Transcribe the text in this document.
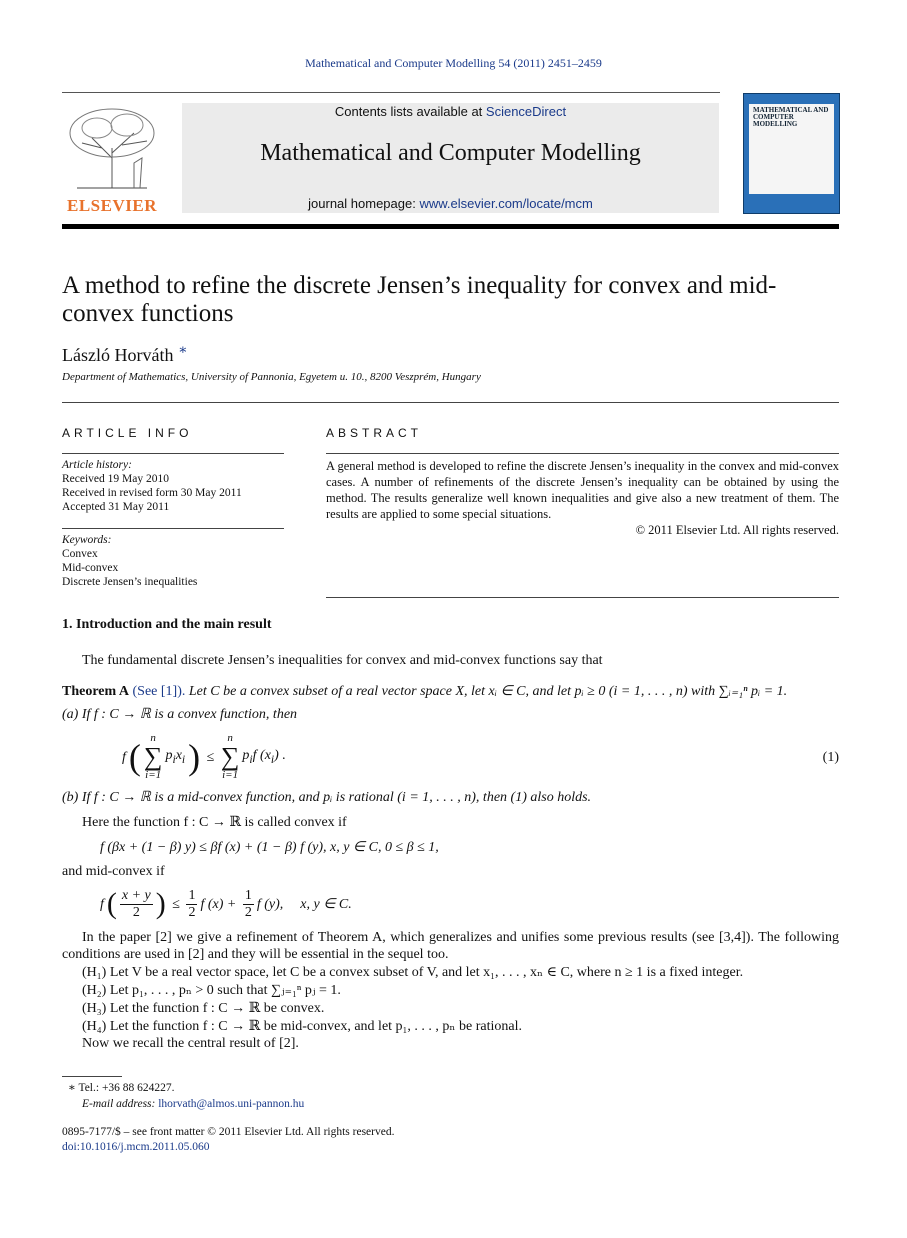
Mathematical and Computer Modelling 54 (2011) 2451–2459
ELSEVIER
Contents lists available at ScienceDirect
Mathematical and Computer Modelling
journal homepage: www.elsevier.com/locate/mcm
MATHEMATICAL AND COMPUTER MODELLING
A method to refine the discrete Jensen’s inequality for convex and mid-convex functions
László Horváth ∗
Department of Mathematics, University of Pannonia, Egyetem u. 10., 8200 Veszprém, Hungary
ARTICLE INFO
Article history:
Received 19 May 2010
Received in revised form 30 May 2011
Accepted 31 May 2011
Keywords:
Convex
Mid-convex
Discrete Jensen’s inequalities
ABSTRACT
A general method is developed to refine the discrete Jensen’s inequality in the convex and mid-convex cases. A number of refinements of the discrete Jensen’s inequality can be obtained by using the method. The results generalize well known inequalities and give also a new treatment of them. The results are applied to some special situations.
© 2011 Elsevier Ltd. All rights reserved.
1. Introduction and the main result
The fundamental discrete Jensen’s inequalities for convex and mid-convex functions say that
Theorem A (See [1]). Let C be a convex subset of a real vector space X, let xᵢ ∈ C, and let pᵢ ≥ 0 (i = 1, . . . , n) with ∑ᵢ₌₁ⁿ pᵢ = 1.
(a) If f : C → ℝ is a convex function, then
f ( n
∑
i=1
$p_ix_i$ ) ≤
n
∑
i=1
$p_if$ $(x_i)$ .	(1)
(b) If f : C → ℝ is a mid-convex function, and pᵢ is rational (i = 1, . . . , n), then (1) also holds.
Here the function f : C → ℝ is called convex if
f (βx + (1 − β) y) ≤ βf (x) + (1 − β) f (y), x, y ∈ C, 0 ≤ β ≤ 1,
and mid-convex if
f ( $\frac{x + y}{2}$ ) ≤ $\frac{1}{2}$ f $(x) + \frac{1}{2}$ f (y), x, y ∈ C.
In the paper [2] we give a refinement of Theorem A, which generalizes and unifies some previous results (see [3,4]). The following conditions are used in [2] and they will be essential in the sequel too.
(H₁) Let V be a real vector space, let C be a convex subset of V, and let x₁, . . . , xₙ ∈ C, where n ≥ 1 is a fixed integer.
(H₂) Let p₁, . . . , pₙ > 0 such that ∑ⱼ₌₁ⁿ pⱼ = 1.
(H₃) Let the function f : C → ℝ be convex.
(H₄) Let the function f : C → ℝ be mid-convex, and let p₁, . . . , pₙ be rational.
Now we recall the central result of [2].
∗ Tel.: +36 88 624227.
E-mail address: lhorvath@almos.uni-pannon.hu
0895-7177/$ – see front matter © 2011 Elsevier Ltd. All rights reserved.
doi:10.1016/j.mcm.2011.05.060
